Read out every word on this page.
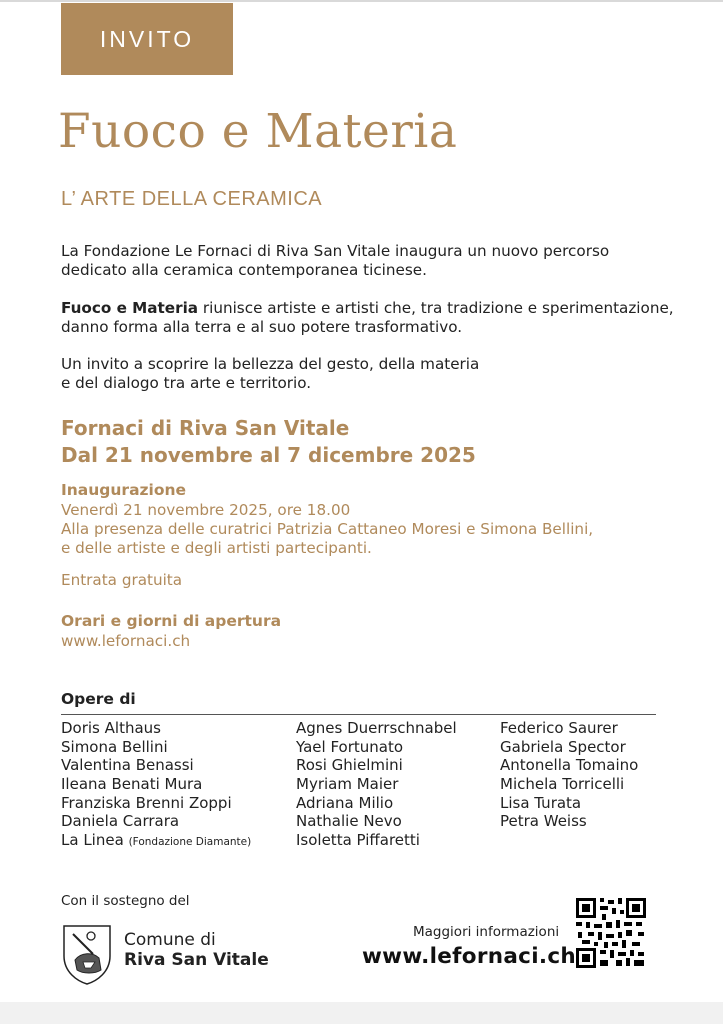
INVITO
Fuoco e Materia
L’ ARTE DELLA CERAMICA
La Fondazione Le Fornaci di Riva San Vitale inaugura un nuovo percorso
dedicato alla ceramica contemporanea ticinese.
Fuoco e Materia riunisce artiste e artisti che, tra tradizione e sperimentazione,
danno forma alla terra e al suo potere trasformativo.
Un invito a scoprire la bellezza del gesto, della materia
e del dialogo tra arte e territorio.
Fornaci di Riva San Vitale
Dal 21 novembre al 7 dicembre 2025
Inaugurazione
Venerdì 21 novembre 2025, ore 18.00
Alla presenza delle curatrici Patrizia Cattaneo Moresi e Simona Bellini,
e delle artiste e degli artisti partecipanti.
Entrata gratuita
Orari e giorni di apertura
www.lefornaci.ch
Opere di
Doris Althaus
Simona Bellini
Valentina Benassi
Ileana Benati Mura
Franziska Brenni Zoppi
Daniela Carrara
La Linea (Fondazione Diamante)
Agnes Duerrschnabel
Yael Fortunato
Rosi Ghielmini
Myriam Maier
Adriana Milio
Nathalie Nevo
Isoletta Piffaretti
Federico Saurer
Gabriela Spector
Antonella Tomaino
Michela Torricelli
Lisa Turata
Petra Weiss
Con il sostegno del
Comune di
Riva San Vitale
Maggiori informazioni
www.lefornaci.ch
